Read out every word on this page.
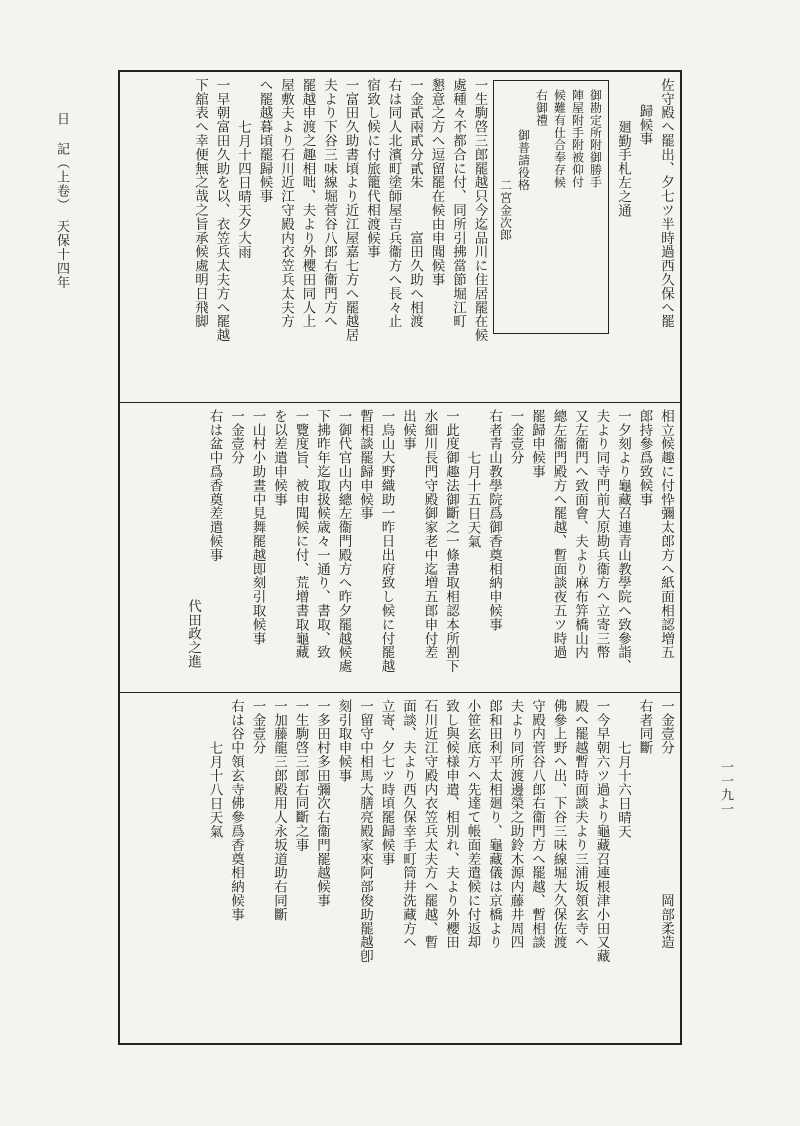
日記（上卷）　天保十四年
一一九一
佐守殿へ罷出、夕七ツ半時過西久保へ罷
歸候事
廻勤手札左之通
御勘定所附御勝手
陣屋附手附被仰付
候難有仕合奉存候
右御禮
御普請役格
二宮金次郎
一生駒啓三郎罷越只今迄品川に住居罷在候
處種々不都合に付、同所引拂當節堀江町
懇意之方へ逗留罷在候由申聞候事
一金貳兩貳分貳朱　　　富田久助へ相渡
右は同人北濱町塗師屋吉兵衞方へ長々止
宿致し候に付旅籠代相渡候事
一富田久助書頃より近江屋嘉七方へ罷越居
夫より下谷三味線堀菅谷八郎右衞門方へ
罷越申渡之趣相咄、夫より外櫻田同人上
屋敷夫より石川近江守殿内衣笠兵太夫方
へ罷越暮頃罷歸候事
七月十四日晴天夕大雨
一早朝富田久助を以、衣笠兵太夫方へ罷越
下舘表へ幸便無之哉之旨承候處明日飛脚
相立候趣に付忰彌太郎方へ紙面相認増五
郎持參爲致候事
一夕刻より龜藏召連青山教學院へ致參詣、
夫より同寺門前大原勘兵衞方へ立寄三幣
又左衞門へ致面會、夫より麻布笄橋山内
總左衞門殿方へ罷越、暫面談夜五ツ時過
罷歸申候事
一金壹分
右者青山教學院爲御香奠相納申候事
七月十五日天氣
一此度御趣法御斷之一條書取相認本所割下
水細川長門守殿御家老中迄増五郎申付差
出候事
一烏山大野織助一昨日出府致し候に付罷越
暫相談罷歸申候事
一御代官山内總左衞門殿方へ昨夕罷越候處
下拂昨年迄取扱候歳々一通り、書取、致
一覽度旨、被申聞候に付、荒增書取龜藏
を以差遣申候事
一山村小助晝中見舞罷越即刻引取候事
一金壹分
右は盆中爲香奠差遣候事
代田政之進
一金壹分　　　　　　　　　　岡部柔造
右者同斷
七月十六日晴天
一今早朝六ツ過より龜藏召連根津小田又藏
殿へ罷越暫時面談夫より三浦坂領玄寺へ
佛參上野へ出、下谷三味線堀大久保佐渡
守殿内菅谷八郎右衞門方へ罷越、暫相談
夫より同所渡邊榮之助鈴木源内藤井周四
郎和田利平太相廻り、龜藏儀は京橋より
小笹玄底方へ先達て帳面差遣候に付返却
致し與候様申遣、相別れ、夫より外櫻田
石川近江守殿内衣笠兵太夫方へ罷越、暫
面談、夫より西久保幸手町筒井洗藏方へ
立寄、夕七ツ時頃罷歸候事
一留守中相馬大膳亮殿家來阿部俊助罷越卽
刻引取申候事
一多田村多田彌次右衞門罷越候事
一生駒啓三郎右同斷之事
一加藤龍三郎殿用人永坂道助右同斷
一金壹分
右は谷中領玄寺佛參爲香奠相納候事
七月十八日天氣
